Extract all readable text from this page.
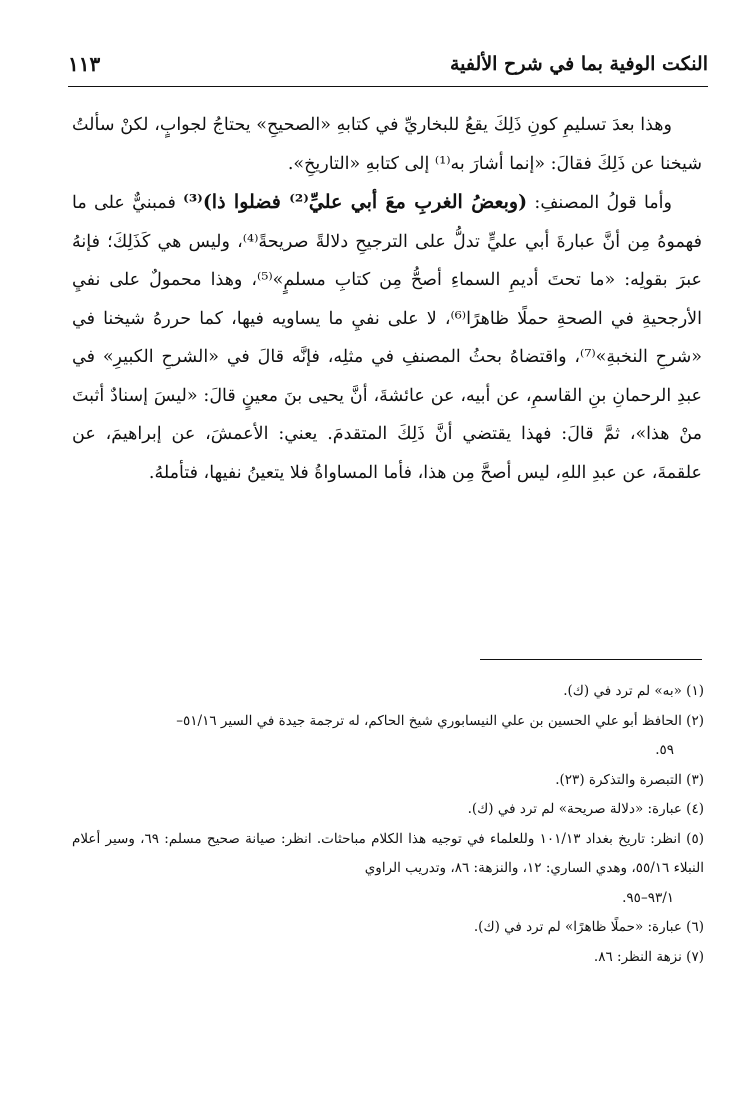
النكت الوفية بما في شرح الألفية
١١٣

وهذا بعدَ تسليمِ كونِ ذَلِكَ يقعُ للبخاريِّ في كتابهِ «الصحيحِ» يحتاجُ لجوابٍ، لكنْ سألتُ شيخنا عن ذَلِكَ فقالَ: «إنما أشارَ به⁽¹⁾ إلى كتابهِ «التاريخِ».

وأما قولُ المصنفِ: (وبعضُ الغربِ معَ أبي عليِّ⁽²⁾ فضلوا ذا)⁽³⁾ فمبنيٌّ على ما فهموهُ مِن أنَّ عبارةَ أبي عليٍّ تدلُّ على الترجيحِ دلالةً صريحةً⁽⁴⁾، وليس هي كَذَلِكَ؛ فإنهُ عبرَ بقولِه: «ما تحتَ أديمِ السماءِ أصحُّ مِن كتابِ مسلمٍ»⁽⁵⁾، وهذا محمولٌ على نفيِ الأرجحيةِ في الصحةِ حملًا ظاهرًا⁽⁶⁾، لا على نفيِ ما يساويه فيها، كما حررهُ شيخنا في «شرحِ النخبةِ»⁽⁷⁾، واقتضاهُ بحثُ المصنفِ في مثلِه، فإنَّه قالَ في «الشرحِ الكبيرِ» في عبدِ الرحمانِ بنِ القاسمِ، عن أبيه، عن عائشةَ، أنَّ يحيى بنَ معينٍ قالَ: «ليسَ إسنادٌ أثبتَ منْ هذا»، ثمَّ قالَ: فهذا يقتضي أنَّ ذَلِكَ المتقدمَ. يعني: الأعمشَ، عن إبراهيمَ، عن علقمةَ، عن عبدِ اللهِ، ليس أصحَّ مِن هذا، فأما المساواةُ فلا يتعينُ نفيها، فتأملهُ.

(١) «به» لم ترد في (ك).

(٢) الحافظ أبو علي الحسين بن علي النيسابوري شيخ الحاكم، له ترجمة جيدة في السير ٥١/١٦–

٥٩.

(٣) التبصرة والتذكرة (٢٣).

(٤) عبارة: «دلالة صريحة» لم ترد في (ك).

(٥) انظر: تاريخ بغداد ١٠١/١٣ وللعلماء في توجيه هذا الكلام مباحثات. انظر: صيانة صحيح مسلم: ٦٩، وسير أعلام النبلاء ٥٥/١٦، وهدي الساري: ١٢، والنزهة: ٨٦، وتدريب الراوي

٩٣/١–٩٥.

(٦) عبارة: «حملًا ظاهرًا» لم ترد في (ك).

(٧) نزهة النظر: ٨٦.
